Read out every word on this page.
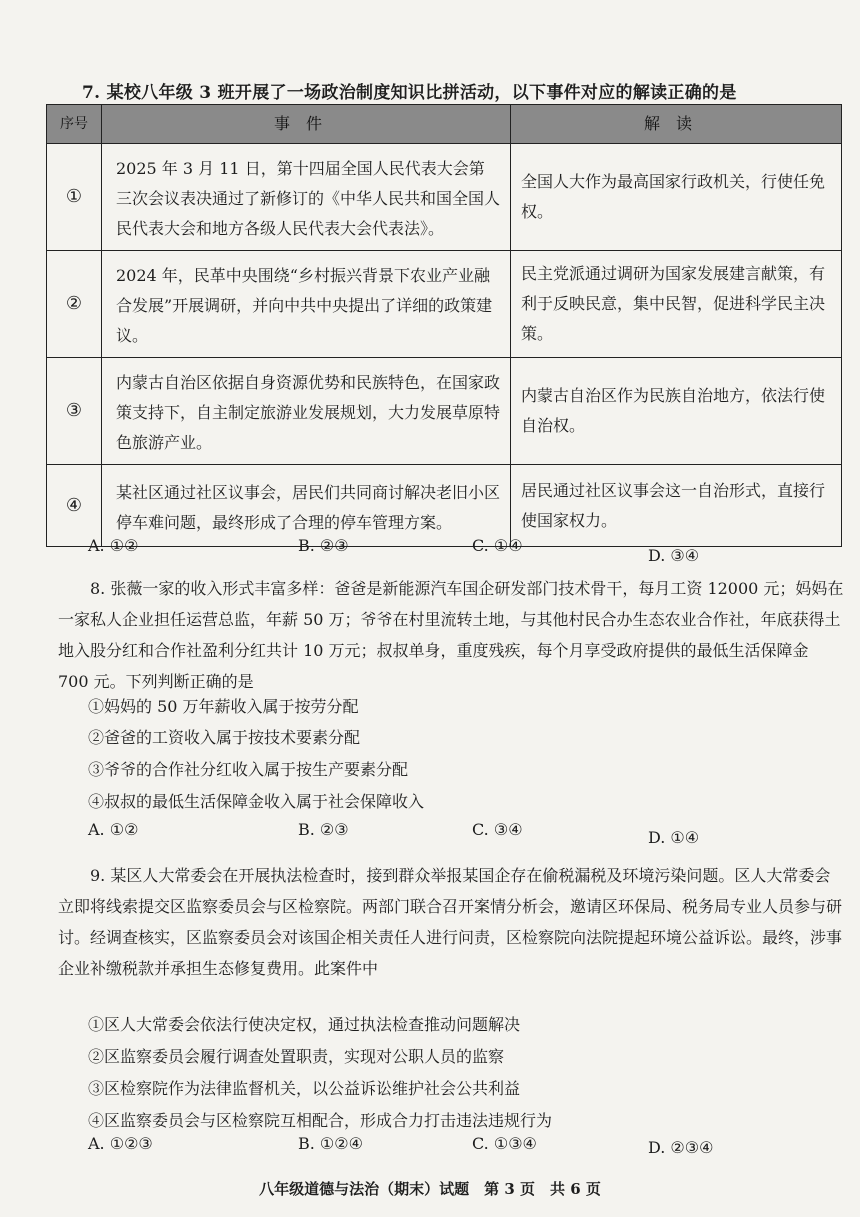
7. 某校八年级 3 班开展了一场政治制度知识比拼活动，以下事件对应的解读正确的是
序号	事件	解读
①	2025 年 3 月 11 日，第十四届全国人民代表大会第三次会议表决通过了新修订的《中华人民共和国全国人民代表大会和地方各级人民代表大会代表法》。	全国人大作为最高国家行政机关，行使任免权。
②	2024 年，民革中央围绕“乡村振兴背景下农业产业融合发展”开展调研，并向中共中央提出了详细的政策建议。	民主党派通过调研为国家发展建言献策，有利于反映民意，集中民智，促进科学民主决策。
③	内蒙古自治区依据自身资源优势和民族特色，在国家政策支持下，自主制定旅游业发展规划，大力发展草原特色旅游产业。	内蒙古自治区作为民族自治地方，依法行使自治权。
④	某社区通过社区议事会，居民们共同商讨解决老旧小区停车难问题，最终形成了合理的停车管理方案。	居民通过社区议事会这一自治形式，直接行使国家权力。
A. ①②	B. ②③	C. ①④
D. ③④
8. 张薇一家的收入形式丰富多样：爸爸是新能源汽车国企研发部门技术骨干，每月工资 12000 元；妈妈在一家私人企业担任运营总监，年薪 50 万；爷爷在村里流转土地，与其他村民合办生态农业合作社，年底获得土地入股分红和合作社盈利分红共计 10 万元；叔叔单身，重度残疾，每个月享受政府提供的最低生活保障金 700 元。下列判断正确的是
①妈妈的 50 万年薪收入属于按劳分配
②爸爸的工资收入属于按技术要素分配
③爷爷的合作社分红收入属于按生产要素分配
④叔叔的最低生活保障金收入属于社会保障收入
A. ①②	B. ②③	C. ③④	D. ①④
9. 某区人大常委会在开展执法检查时，接到群众举报某国企存在偷税漏税及环境污染问题。区人大常委会立即将线索提交区监察委员会与区检察院。两部门联合召开案情分析会，邀请区环保局、税务局专业人员参与研讨。经调查核实，区监察委员会对该国企相关责任人进行问责，区检察院向法院提起环境公益诉讼。最终，涉事企业补缴税款并承担生态修复费用。此案件中
①区人大常委会依法行使决定权，通过执法检查推动问题解决
②区监察委员会履行调查处置职责，实现对公职人员的监察
③区检察院作为法律监督机关，以公益诉讼维护社会公共利益
④区监察委员会与区检察院互相配合，形成合力打击违法违规行为
A. ①②③	B. ①②④	C. ①③④	D. ②③④
八年级道德与法治（期末）试题　第 3 页　共 6 页
